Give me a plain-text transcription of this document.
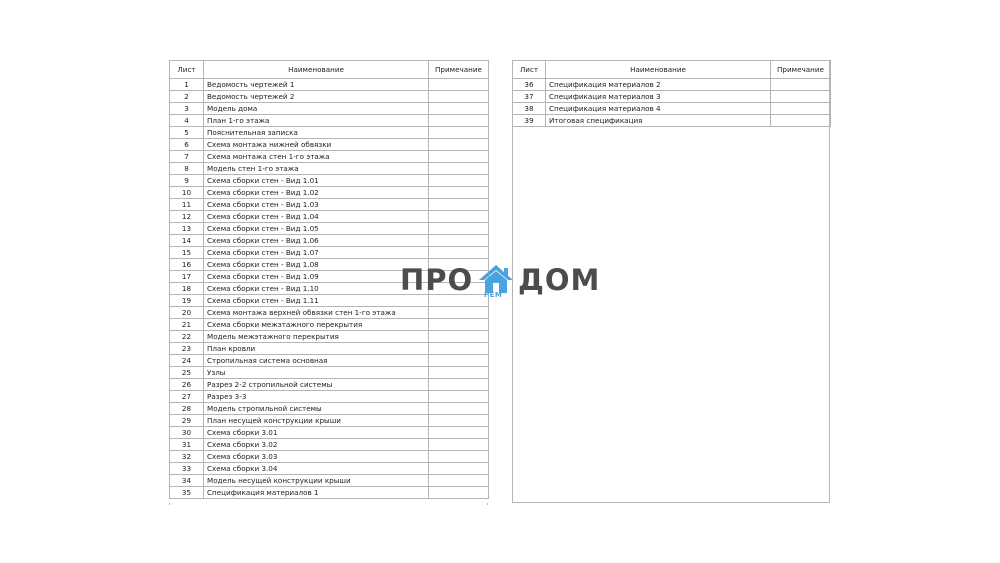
Лист	Наименование	Примечание
1	Ведомость чертежей 1	
2	Ведомость чертежей 2	
3	Модель дома	
4	План 1-го этажа	
5	Пояснительная записка	
6	Схема монтажа нижней обвязки	
7	Схема монтажа стен 1-го этажа	
8	Модель стен 1-го этажа	
9	Схема сборки стен - Вид 1.01	
10	Схема сборки стен - Вид 1.02	
11	Схема сборки стен - Вид 1.03	
12	Схема сборки стен - Вид 1.04	
13	Схема сборки стен - Вид 1.05	
14	Схема сборки стен - Вид 1.06	
15	Схема сборки стен - Вид 1.07	
16	Схема сборки стен - Вид 1.08	
17	Схема сборки стен - Вид 1.09	
18	Схема сборки стен - Вид 1.10	
19	Схема сборки стен - Вид 1.11	
20	Схема монтажа верхней обвязки стен 1-го этажа	
21	Схема сборки межэтажного перекрытия	
22	Модель межэтажного перекрытия	
23	План кровли	
24	Стропильная система основная	
25	Узлы	
26	Разрез 2-2 стропильной системы	
27	Разрез 3-3	
28	Модель стропильной системы	
29	План несущей конструкции крыши	
30	Схема сборки 3.01	
31	Схема сборки 3.02	
32	Схема сборки 3.03	
33	Схема сборки 3.04	
34	Модель несущей конструкции крыши	
35	Спецификация материалов 1	
Лист	Наименование	Примечание
36	Спецификация материалов 2	
37	Спецификация материалов 3	
38	Спецификация материалов 4	
39	Итоговая спецификация	
ПРО РЕМ ДОМ
